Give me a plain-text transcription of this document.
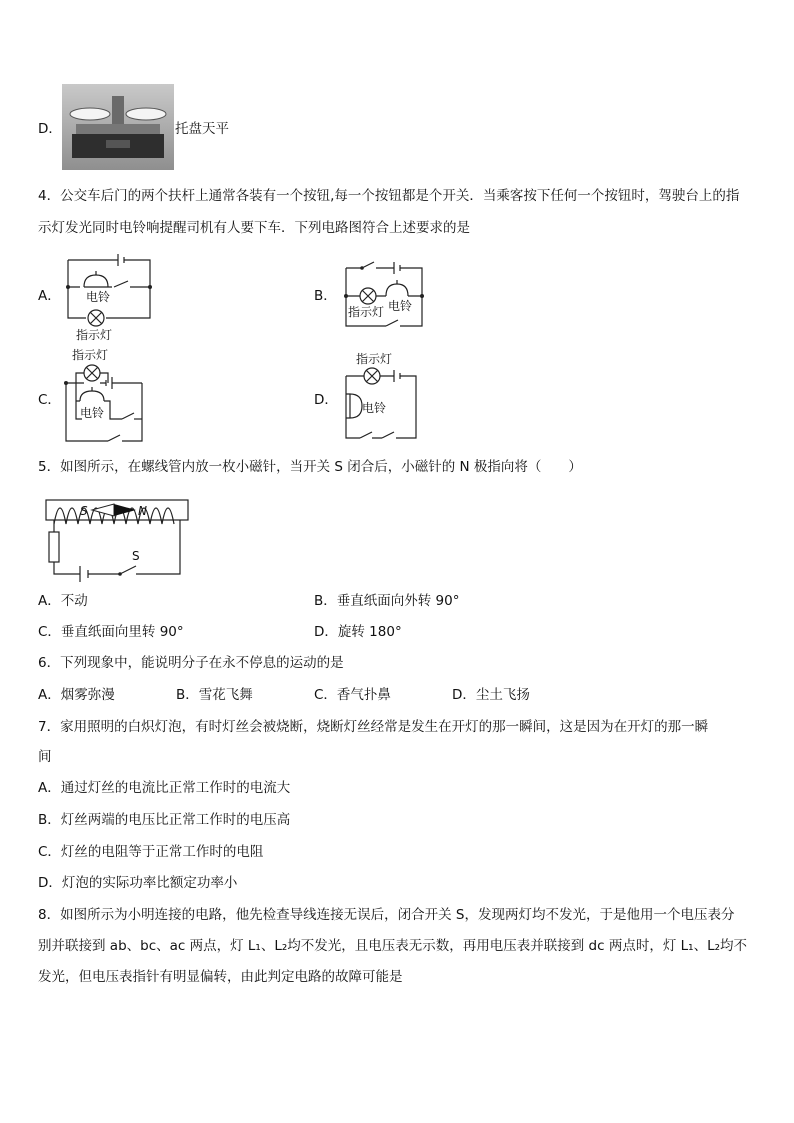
D．	托盘天平
4．公交车后门的两个扶杆上通常各装有一个按钮,每一个按钮都是个开关．当乘客按下任何一个按钮时，驾驶台上的指
示灯发光同时电铃响提醒司机有人要下车．下列电路图符合上述要求的是
A． 电铃
指示灯
B．
指示灯 电铃
C．
指示灯
电铃
D．
指示灯
电铃
5．如图所示，在螺线管内放一枚小磁针，当开关 S 闭合后，小磁针的 N 极指向将（　　）
S	N
S
A．不动	B．垂直纸面向外转 90°
C．垂直纸面向里转 90°	D．旋转 180°
6．下列现象中，能说明分子在永不停息的运动的是
A．烟雾弥漫	B．雪花飞舞	C．香气扑鼻	D．尘土飞扬
7．家用照明的白炽灯泡，有时灯丝会被烧断，烧断灯丝经常是发生在开灯的那一瞬间，这是因为在开灯的那一瞬
间
A．通过灯丝的电流比正常工作时的电流大
B．灯丝两端的电压比正常工作时的电压高
C．灯丝的电阻等于正常工作时的电阻
D．灯泡的实际功率比额定功率小
8．如图所示为小明连接的电路，他先检查导线连接无误后，闭合开关 S，发现两灯均不发光，于是他用一个电压表分
别并联接到 ab、bc、ac 两点，灯 L₁、L₂均不发光，且电压表无示数，再用电压表并联接到 dc 两点时，灯 L₁、L₂均不
发光，但电压表指针有明显偏转，由此判定电路的故障可能是
